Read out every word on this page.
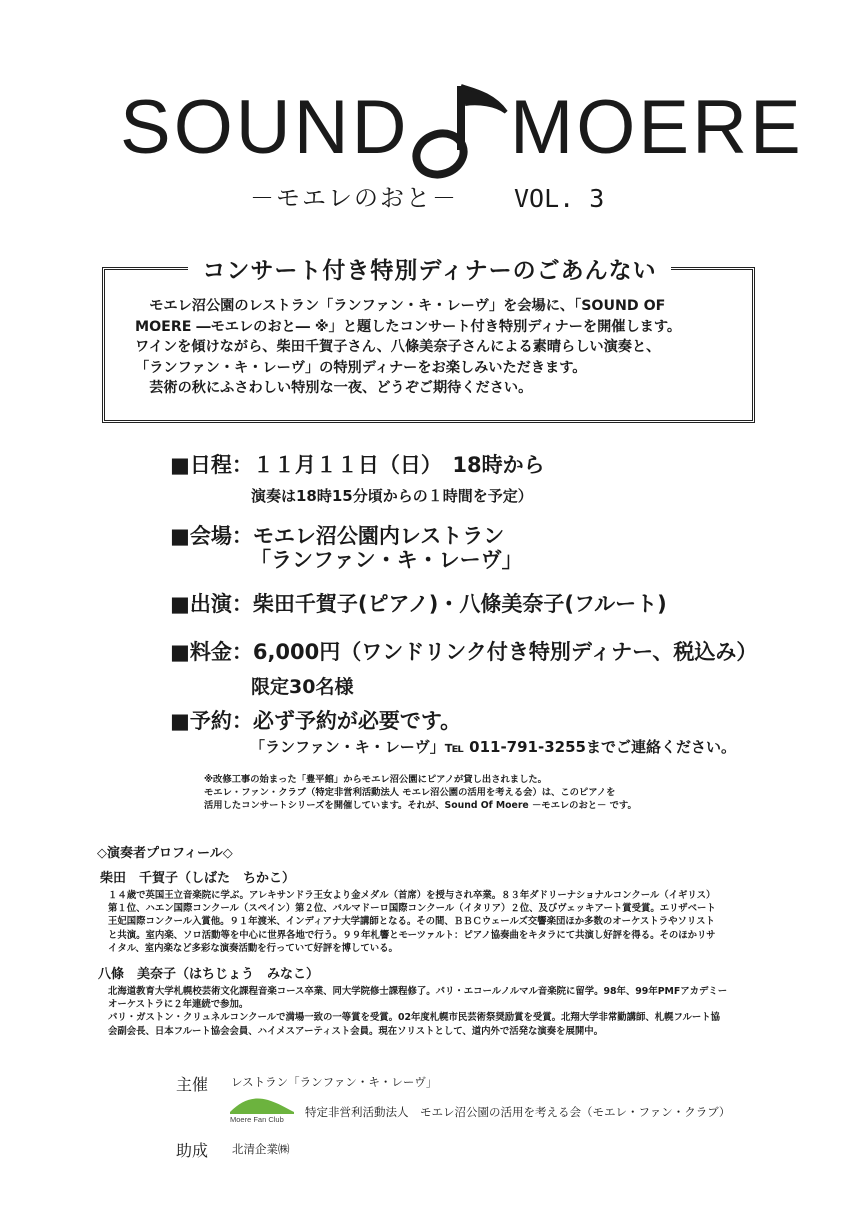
SOUND MOERE
－モエレのおと－ VOL. 3
コンサート付き特別ディナーのごあんない

　モエレ沼公園のレストラン「ランファン・キ・レーヴ」を会場に、「SOUND OF

MOERE ―モエレのおと― ※」と題したコンサート付き特別ディナーを開催します。

ワインを傾けながら、柴田千賀子さん、八條美奈子さんによる素晴らしい演奏と、

「ランファン・キ・レーヴ」の特別ディナーをお楽しみいただきます。

　芸術の秋にふさわしい特別な一夜、どうぞご期待ください。

■日程：１１月１１日（日）　18時から
演奏は18時15分頃からの１時間を予定）
■会場：モエレ沼公園内レストラン
「ランファン・キ・レーヴ」
■出演：柴田千賀子(ピアノ)・八條美奈子(フルート)
■料金：6,000円（ワンドリンク付き特別ディナー、税込み）
限定30名様
■予約：必ず予約が必要です。
「ランファン・キ・レーヴ」℡ 011-791-3255までご連絡ください。

※改修工事の始まった「豊平館」からモエレ沼公園にピアノが貸し出されました。

モエレ・ファン・クラブ（特定非営利活動法人 モエレ沼公園の活用を考える会）は、このピアノを

活用したコンサートシリーズを開催しています。それが、Sound Of Moere －モエレのおと－ です。

◇演奏者プロフィール◇
柴田　千賀子（しばた　ちかこ）

１４歳で英国王立音楽院に学ぶ。アレキサンドラ王女より金メダル（首席）を授与され卒業。８３年ダドリーナショナルコンクール（イギリス）

第１位、ハエン国際コンクール（スペイン）第２位、バルマドーロ国際コンクール（イタリア）２位、及びヴェッキアート賞受賞。エリザベート

王妃国際コンクール入賞他。９１年渡米、インディアナ大学講師となる。その間、ＢＢＣウェールズ交響楽団ほか多数のオーケストラやソリスト

と共演。室内楽、ソロ活動等を中心に世界各地で行う。９９年札響とモーツァルト：ピアノ協奏曲をキタラにて共演し好評を得る。そのほかリサ

イタル、室内楽など多彩な演奏活動を行っていて好評を博している。

八條　美奈子（はちじょう　みなこ）

北海道教育大学札幌校芸術文化課程音楽コース卒業、同大学院修士課程修了。パリ・エコールノルマル音楽院に留学。98年、99年PMFアカデミー

オーケストラに２年連続で参加。

パリ・ガストン・クリュネルコンクールで満場一致の一等賞を受賞。02年度札幌市民芸術祭奨励賞を受賞。北翔大学非常勤講師、札幌フルート協

会副会長、日本フルート協会会員、ハイメスアーティスト会員。現在ソリストとして、道内外で活発な演奏を展開中。

主催 レストラン「ランファン・キ・レーヴ」
Moere Fan Club
特定非営利活動法人　モエレ沼公園の活用を考える会（モエレ・ファン・クラブ）
助成 北清企業㈱
